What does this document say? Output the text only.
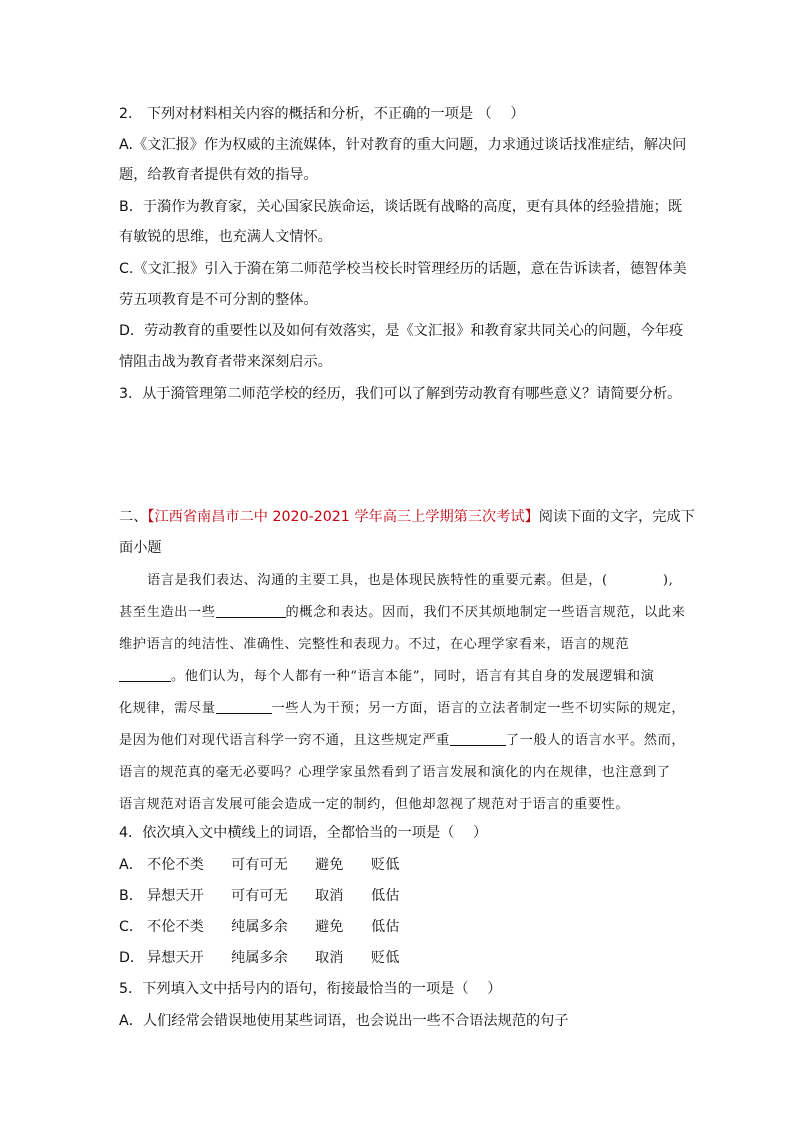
2． 下列对材料相关内容的概括和分析，不正确的一项是 （　 ）
A.《文汇报》作为权威的主流媒体，针对教育的重大问题，力求通过谈话找准症结，解决问
题，给教育者提供有效的指导。
B．于漪作为教育家，关心国家民族命运，谈话既有战略的高度，更有具体的经验措施；既
有敏锐的思维，也充满人文情怀。
C.《文汇报》引入于漪在第二师范学校当校长时管理经历的话题，意在告诉读者，德智体美
劳五项教育是不可分割的整体。
D．劳动教育的重要性以及如何有效落实，是《文汇报》和教育家共同关心的问题，今年疫
情阻击战为教育者带来深刻启示。
3．从于漪管理第二师范学校的经历，我们可以了解到劳动教育有哪些意义？请简要分析。
二、【江西省南昌市二中 2020-2021 学年高三上学期第三次考试】阅读下面的文字，完成下
面小题
语言是我们表达、沟通的主要工具，也是体现民族特性的重要元素。但是，(　　　　),
甚至生造出一些	的概念和表达。因而，我们不厌其烦地制定一些语言规范，以此来
维护语言的纯洁性、准确性、完整性和表现力。不过，在心理学家看来，语言的规范
。他们认为，每个人都有一种“语言本能”，同时，语言有其自身的发展逻辑和演
化规律，需尽量	一些人为干预；另一方面，语言的立法者制定一些不切实际的规定，
是因为他们对现代语言科学一窍不通，且这些规定严重	了一般人的语言水平。然而，
语言的规范真的毫无必要吗？心理学家虽然看到了语言发展和演化的内在规律，也注意到了
语言规范对语言发展可能会造成一定的制约，但他却忽视了规范对于语言的重要性。
4．依次填入文中横线上的词语，全都恰当的一项是（　 ）
A． 不伦不类 可有可无 避免 贬低
B． 异想天开 可有可无 取消 低估
C． 不伦不类 纯属多余 避免 低估
D． 异想天开 纯属多余 取消 贬低
5．下列填入文中括号内的语句，衔接最恰当的一项是（　 ）
A．人们经常会错误地使用某些词语，也会说出一些不合语法规范的句子
